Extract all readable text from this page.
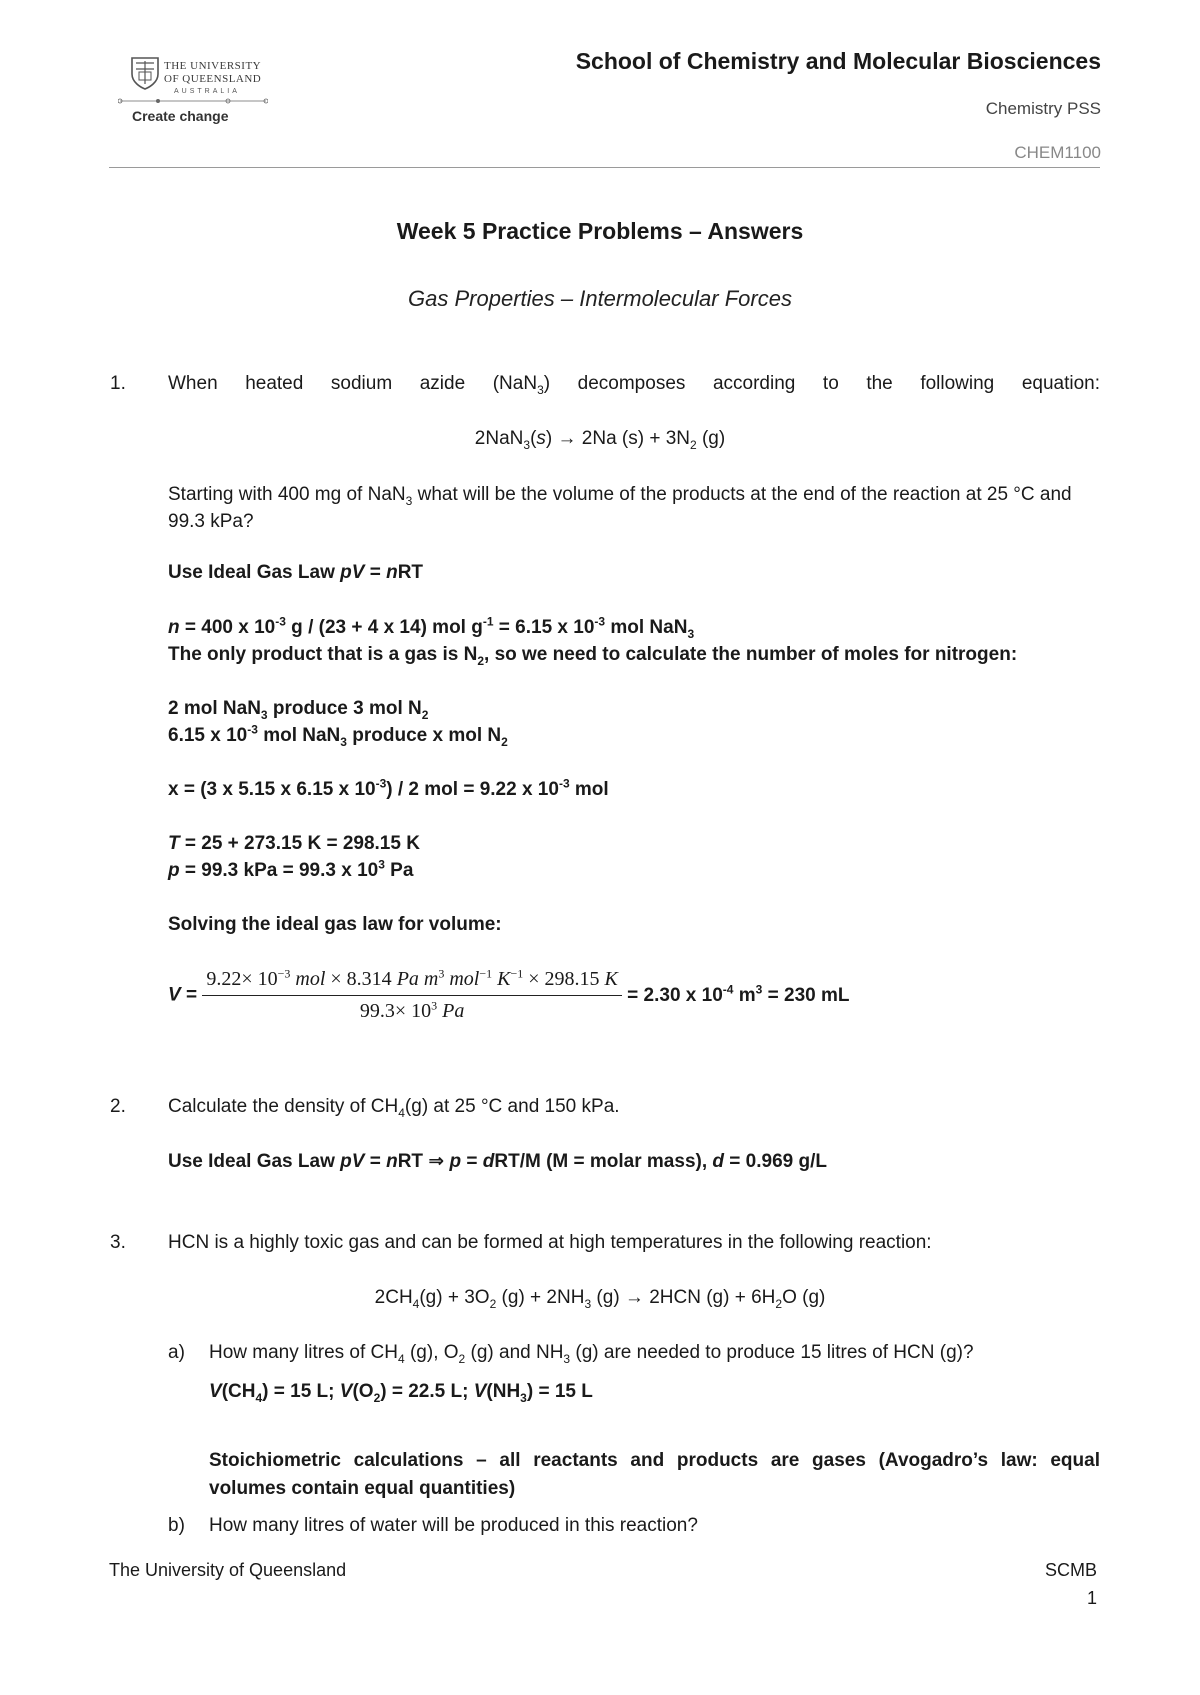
THE UNIVERSITY
OF QUEENSLAND
AUSTRALIA
Create change
School of Chemistry and Molecular Biosciences
Chemistry PSS
CHEM1100
Week 5 Practice Problems – Answers
Gas Properties – Intermolecular Forces
1. When heated sodium azide (NaN$_3$) decomposes according to the following equation:
2NaN$_3$(s) → 2Na $(s) + 3N_2$ (g)
Starting with 400 mg of NaN$_3$ what will be the volume of the products at the end of the reaction at 25 °C and 99.3 kPa?
Use Ideal Gas Law pV = nRT
n = 400 x $10^{-3}$ g / (23 + 4 x 14) mol $g^{-1} = 6.15$ x $10^{-3}$ mol NaN$_3$
The only product that is a gas is $N_2$, so we need to calculate the number of moles for nitrogen:
2 mol NaN$_3$ produce 3 mol $N_2$
6.15 x $10^{-3}$ mol NaN$_3$ produce x mol $N_2$
x = (3 x 5.15 x 6.15 x $10^{-3}) / 2$ mol = 9.22 x $10^{-3}$ mol
T = 25 + 273.15 K = 298.15 K
p = 99.3 kPa = 99.3 x $10^3$ Pa
Solving the ideal gas law for volume:
$V = \frac{9.22\times 10^{-3} mol \times 8.314 Pa m^3 mol^{-1} K^{-1} \times 298.15 K}{99.3\times 10^3 Pa} = 2.30$ x $10^{-4}$ $m^3 = 230$ mL
2. Calculate the density of $CH_4(g)$ at 25 °C and 150 kPa.
Use Ideal Gas Law pV = nRT ⇒ p = dRT/M (M = molar mass), d = 0.969 g/L
3. HCN is a highly toxic gas and can be formed at high temperatures in the following reaction:
$2CH_4(g) + 3O_2$ $(g) + 2NH_3$ (g) → 2HCN $(g) + 6H_2O$ (g)
a) How many litres of $CH_4$ (g), $O_2$ (g) and $NH_3$ (g) are needed to produce 15 litres of HCN (g)?
$V(CH_4) = 15$ L; $V(O_2) = 22.5$ L; $V(NH_3) = 15$ L
Stoichiometric calculations – all reactants and products are gases (Avogadro’s law: equal volumes contain equal quantities)
b) How many litres of water will be produced in this reaction?
The University of Queensland	SCMB
1
